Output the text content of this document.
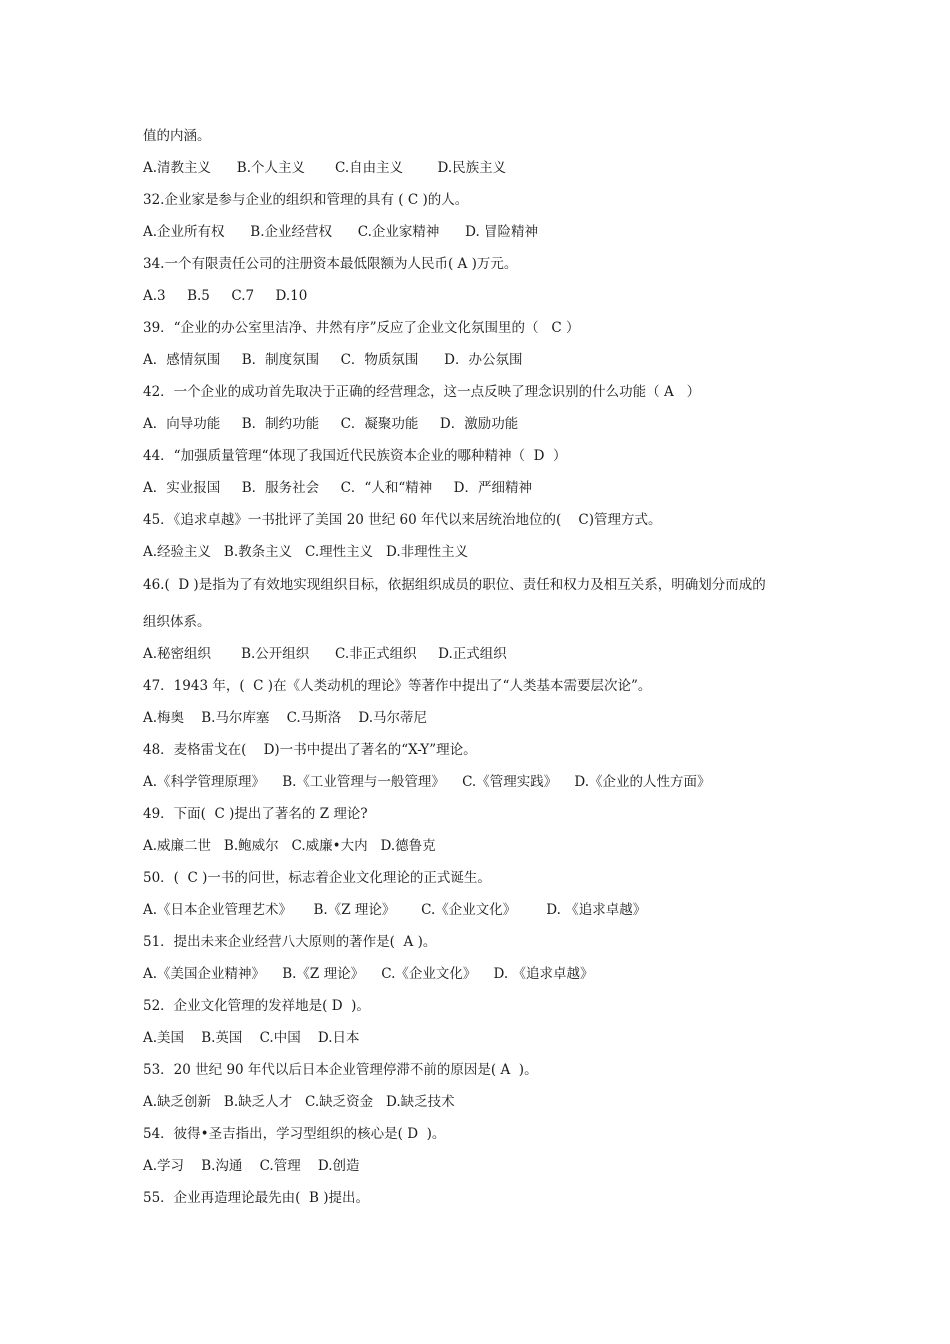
值的内涵。
A.清教主义      B.个人主义       C.自由主义        D.民族主义
32.企业家是参与企业的组织和管理的具有 ( C )的人。
A.企业所有权      B.企业经营权      C.企业家精神      D. 冒险精神
34.一个有限责任公司的注册资本最低限额为人民币( A )万元。
A.3     B.5     C.7     D.10
39．“企业的办公室里洁净、井然有序”反应了企业文化氛围里的（   C ）
A．感情氛围     B．制度氛围     C．物质氛围      D．办公氛围
42．一个企业的成功首先取决于正确的经营理念，这一点反映了理念识别的什么功能（ A   ）
A．向导功能     B．制约功能     C．凝聚功能     D．激励功能
44．“加强质量管理“体现了我国近代民族资本企业的哪种精神（  D  ）
A．实业报国     B．服务社会     C．“人和“精神     D．严细精神
45．《追求卓越》一书批评了美国 20 世纪 60 年代以来居统治地位的(    C)管理方式。
A.经验主义   B.教条主义   C.理性主义   D.非理性主义
46.(  D )是指为了有效地实现组织目标，依据组织成员的职位、责任和权力及相互关系，明确划分而成的
组织体系。
A.秘密组织       B.公开组织      C.非正式组织     D.正式组织
47．1943 年，(  C )在《人类动机的理论》等著作中提出了“人类基本需要层次论”。
A.梅奥    B.马尔库塞    C.马斯洛    D.马尔蒂尼
48．麦格雷戈在(    D)一书中提出了著名的“X-Y”理论。
A.《科学管理原理》    B.《工业管理与一般管理》    C.《管理实践》    D.《企业的人性方面》
49．下面(  C )提出了著名的 Z 理论?
A.威廉二世   B.鲍威尔   C.威廉•大内   D.德鲁克
50．(  C )一书的问世，标志着企业文化理论的正式诞生。
A.《日本企业管理艺术》     B.《Z 理论》      C.《企业文化》       D. 《追求卓越》
51．提出未来企业经营八大原则的著作是(  A )。
A.《美国企业精神》    B.《Z 理论》    C.《企业文化》    D. 《追求卓越》
52．企业文化管理的发祥地是( D  )。
A.美国    B.英国    C.中国    D.日本
53．20 世纪 90 年代以后日本企业管理停滞不前的原因是( A  )。
A.缺乏创新   B.缺乏人才   C.缺乏资金   D.缺乏技术
54．彼得•圣吉指出，学习型组织的核心是( D  )。
A.学习    B.沟通    C.管理    D.创造
55．企业再造理论最先由(  B )提出。
